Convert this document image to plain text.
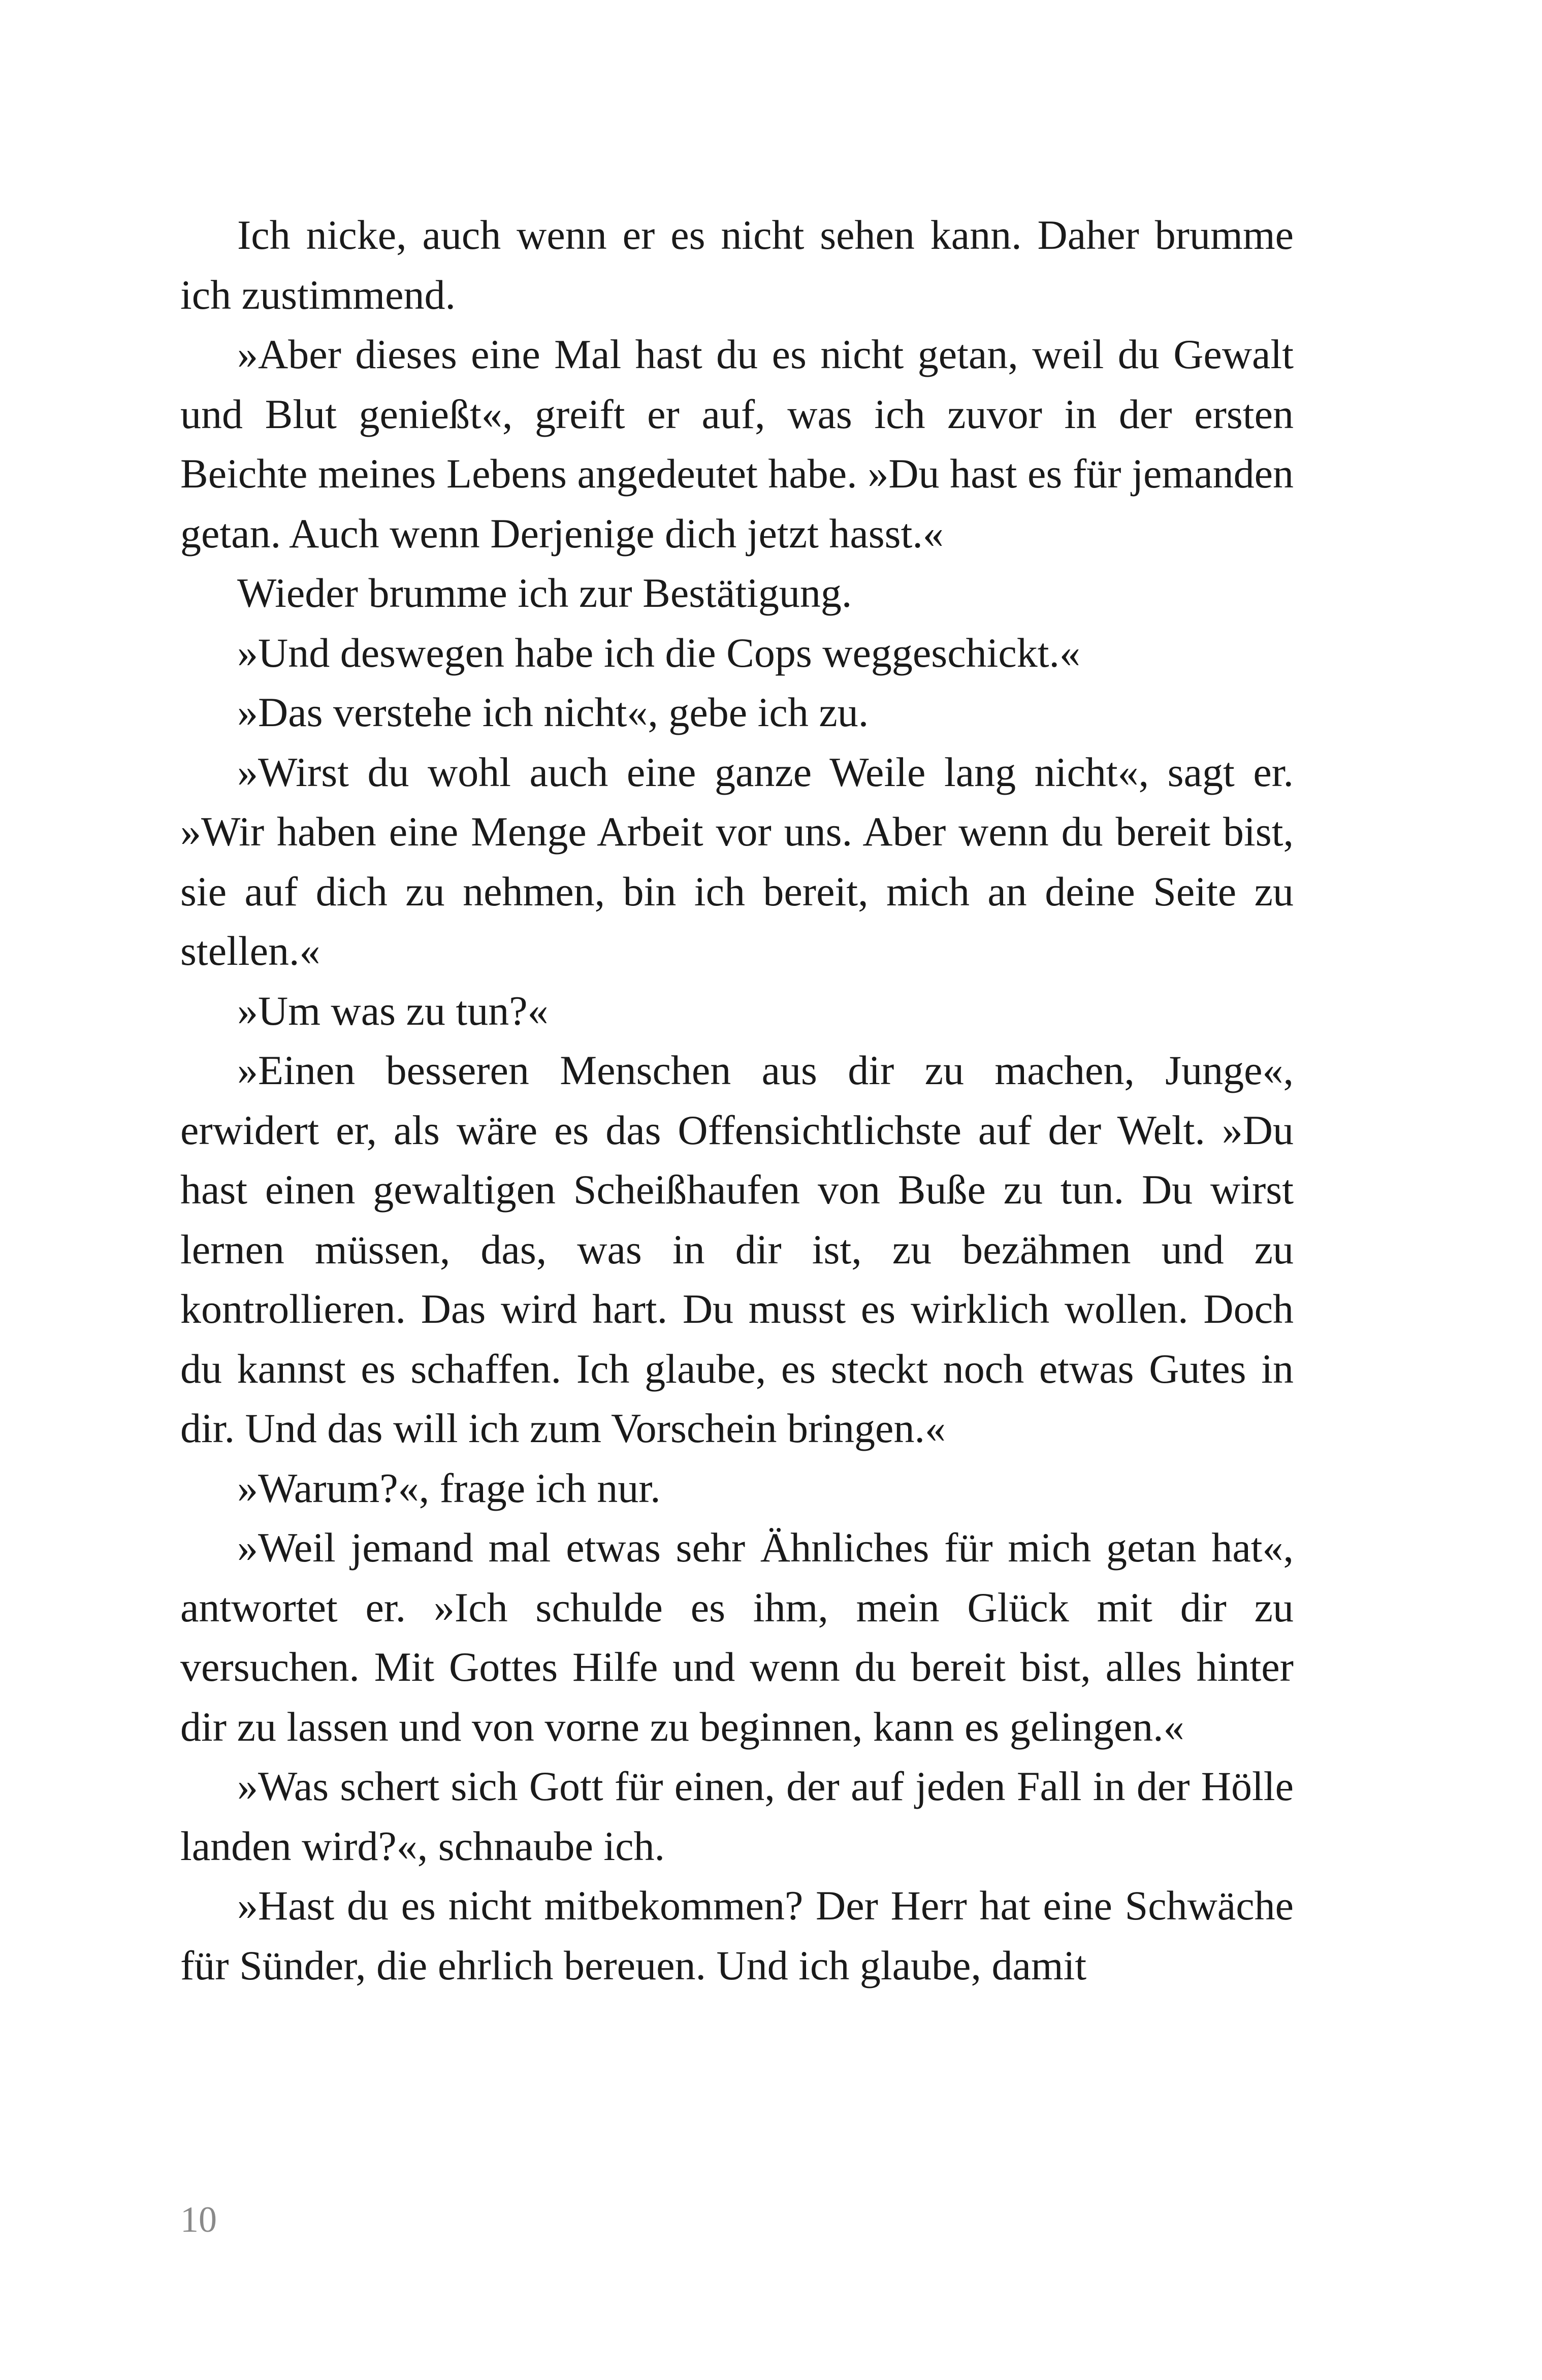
Ich nicke, auch wenn er es nicht sehen kann. Daher brumme ich zustimmend.

»Aber dieses eine Mal hast du es nicht getan, weil du Gewalt und Blut genießt«, greift er auf, was ich zuvor in der ersten Beichte meines Lebens angedeutet habe. »Du hast es für jemanden getan. Auch wenn Derjenige dich jetzt hasst.«

Wieder brumme ich zur Bestätigung.

»Und deswegen habe ich die Cops weggeschickt.«

»Das verstehe ich nicht«, gebe ich zu.

»Wirst du wohl auch eine ganze Weile lang nicht«, sagt er. »Wir haben eine Menge Arbeit vor uns. Aber wenn du bereit bist, sie auf dich zu nehmen, bin ich bereit, mich an deine Seite zu stellen.«

»Um was zu tun?«

»Einen besseren Menschen aus dir zu machen, Junge«, erwidert er, als wäre es das Offensichtlichste auf der Welt. »Du hast einen gewaltigen Scheißhaufen von Buße zu tun. Du wirst lernen müssen, das, was in dir ist, zu bezähmen und zu kontrollieren. Das wird hart. Du musst es wirklich wollen. Doch du kannst es schaffen. Ich glaube, es steckt noch etwas Gutes in dir. Und das will ich zum Vorschein bringen.«

»Warum?«, frage ich nur.

»Weil jemand mal etwas sehr Ähnliches für mich getan hat«, antwortet er. »Ich schulde es ihm, mein Glück mit dir zu versuchen. Mit Gottes Hilfe und wenn du bereit bist, alles hinter dir zu lassen und von vorne zu beginnen, kann es gelingen.«

»Was schert sich Gott für einen, der auf jeden Fall in der Hölle landen wird?«, schnaube ich.

»Hast du es nicht mitbekommen? Der Herr hat eine Schwäche für Sünder, die ehrlich bereuen. Und ich glaube, damit

10
